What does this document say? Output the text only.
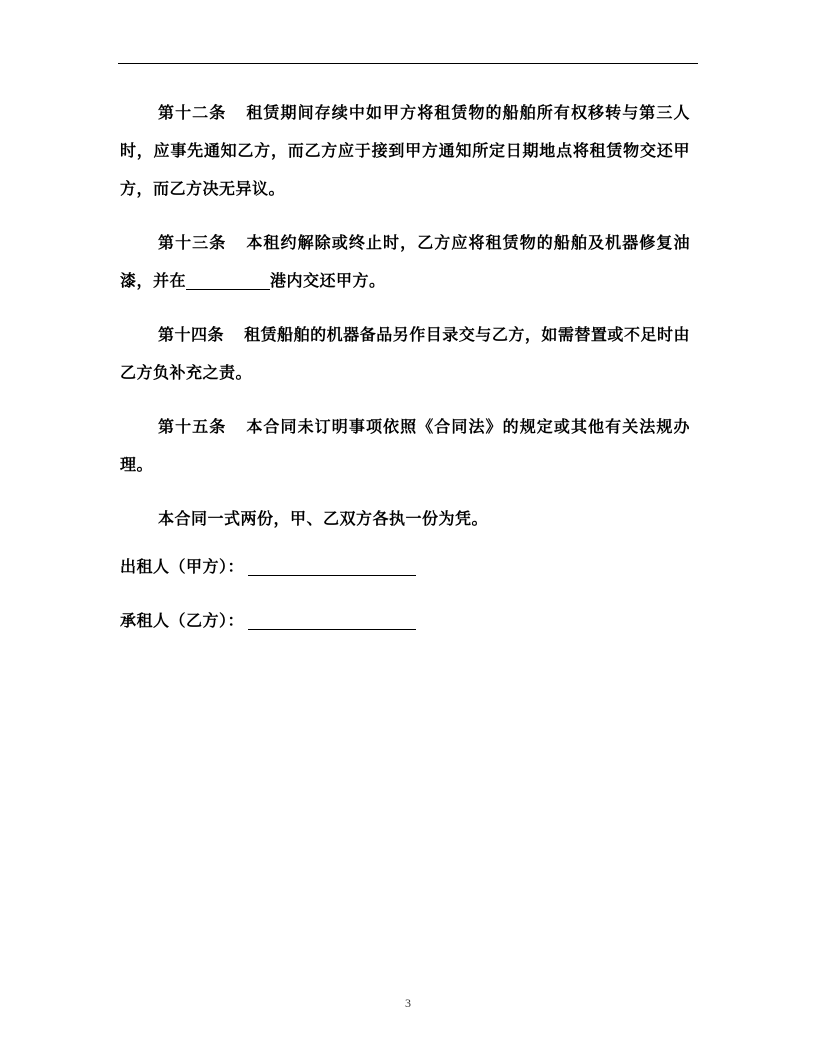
第十二条 租赁期间存续中如甲方将租赁物的船舶所有权移转与第三人时，应事先通知乙方，而乙方应于接到甲方通知所定日期地点将租赁物交还甲方，而乙方决无异议。

第十三条 本租约解除或终止时，乙方应将租赁物的船舶及机器修复油漆，并在	港内交还甲方。

第十四条 租赁船舶的机器备品另作目录交与乙方，如需替置或不足时由乙方负补充之责。

第十五条 本合同未订明事项依照《合同法》的规定或其他有关法规办理。

本合同一式两份，甲、乙双方各执一份为凭。

出租人（甲方）：
承租人（乙方）：
3
